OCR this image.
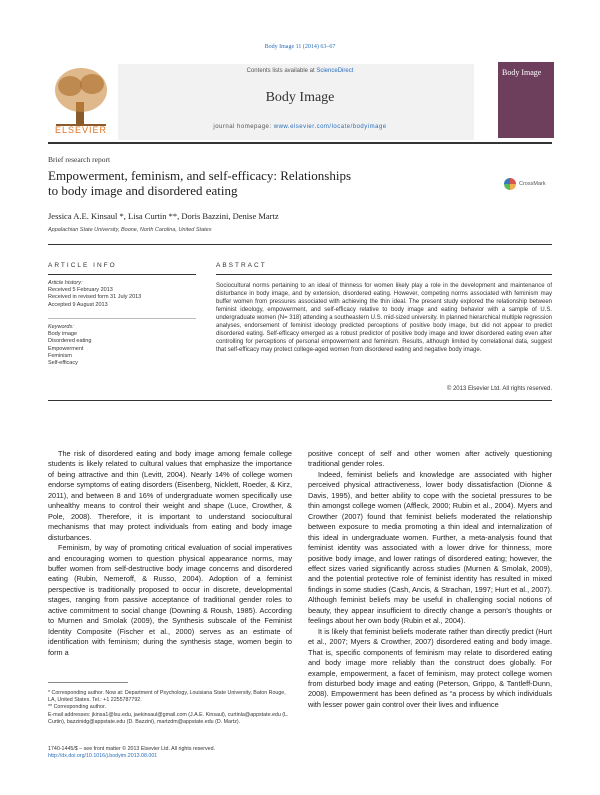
Body Image 11 (2014) 63–67
Contents lists available at ScienceDirect
Body Image
journal homepage: www.elsevier.com/locate/bodyimage
ELSEVIER
Body Image
Brief research report
Empowerment, feminism, and self-efficacy: Relationships
to body image and disordered eating	CrossMark
Jessica A.E. Kinsaul *, Lisa Curtin **, Doris Bazzini, Denise Martz
Appalachian State University, Boone, North Carolina, United States
ARTICLE INFO
Article history:
Received 5 February 2013
Received in revised form 31 July 2013
Accepted 9 August 2013
Keywords:
Body image
Disordered eating
Empowerment
Feminism
Self-efficacy
ABSTRACT
Sociocultural norms pertaining to an ideal of thinness for women likely play a role in the development and maintenance of disturbance in body image, and by extension, disordered eating. However, competing norms associated with feminism may buffer women from pressures associated with achieving the thin ideal. The present study explored the relationship between feminist ideology, empowerment, and self-efficacy relative to body image and eating behavior with a sample of U.S. undergraduate women (N= 318) attending a southeastern U.S. mid-sized university. In planned hierarchical multiple regression analyses, endorsement of feminist ideology predicted perceptions of positive body image, but did not appear to predict disordered eating. Self-efficacy emerged as a robust predictor of positive body image and lower disordered eating even after controlling for perceptions of personal empowerment and feminism. Results, although limited by correlational data, suggest that self-efficacy may protect college-aged women from disordered eating and negative body image.
© 2013 Elsevier Ltd. All rights reserved.

The risk of disordered eating and body image among female college students is likely related to cultural values that emphasize the importance of being attractive and thin (Levitt, 2004). Nearly 14% of college women endorse symptoms of eating disorders (Eisenberg, Nicklett, Roeder, & Kirz, 2011), and between 8 and 16% of undergraduate women specifically use unhealthy means to control their weight and shape (Luce, Crowther, & Pole, 2008). Therefore, it is important to understand sociocultural mechanisms that may protect individuals from eating and body image disturbances.

Feminism, by way of promoting critical evaluation of social imperatives and encouraging women to question physical appearance norms, may buffer women from self-destructive body image concerns and disordered eating (Rubin, Nemeroff, & Russo, 2004). Adoption of a feminist perspective is traditionally proposed to occur in discrete, developmental stages, ranging from passive acceptance of traditional gender roles to active commitment to social change (Downing & Roush, 1985). According to Murnen and Smolak (2009), the Synthesis subscale of the Feminist Identity Composite (Fischer et al., 2000) serves as an estimate of identification with feminism; during the synthesis stage, women begin to form a

positive concept of self and other women after actively questioning traditional gender roles.

Indeed, feminist beliefs and knowledge are associated with higher perceived physical attractiveness, lower body dissatisfaction (Dionne & Davis, 1995), and better ability to cope with the societal pressures to be thin amongst college women (Affleck, 2000; Rubin et al., 2004). Myers and Crowther (2007) found that feminist beliefs moderated the relationship between exposure to media promoting a thin ideal and internalization of this ideal in undergraduate women. Further, a meta-analysis found that feminist identity was associated with a lower drive for thinness, more positive body image, and lower ratings of disordered eating; however, the effect sizes varied significantly across studies (Murnen & Smolak, 2009), and the potential protective role of feminist identity has resulted in mixed findings in some studies (Cash, Ancis, & Strachan, 1997; Hurt et al., 2007). Although feminist beliefs may be useful in challenging social notions of beauty, they appear insufficient to directly change a person's thoughts or feelings about her own body (Rubin et al., 2004).

It is likely that feminist beliefs moderate rather than directly predict (Hurt et al., 2007; Myers & Crowther, 2007) disordered eating and body image. That is, specific components of feminism may relate to disordered eating and body image more reliably than the construct does globally. For example, empowerment, a facet of feminism, may protect college women from disturbed body image and eating (Peterson, Grippo, & Tantleff-Dunn, 2008). Empowerment has been defined as “a process by which individuals with lesser power gain control over their lives and influence

* Corresponding author. Now at: Department of Psychology, Louisiana State University, Baton Rouge, LA, United States. Tel.: +1 2255787792.

** Corresponding author.

E-mail addresses: jkinsa1@lsu.edu, jaekinsaul@gmail.com (J.A.E. Kinsaul), curtinla@appstate.edu (L. Curtin), bazzinidg@appstate.edu (D. Bazzini), martzdm@appstate.edu (D. Martz).

1740-1445/$ – see front matter © 2013 Elsevier Ltd. All rights reserved.
http://dx.doi.org/10.1016/j.bodyim.2013.08.001
